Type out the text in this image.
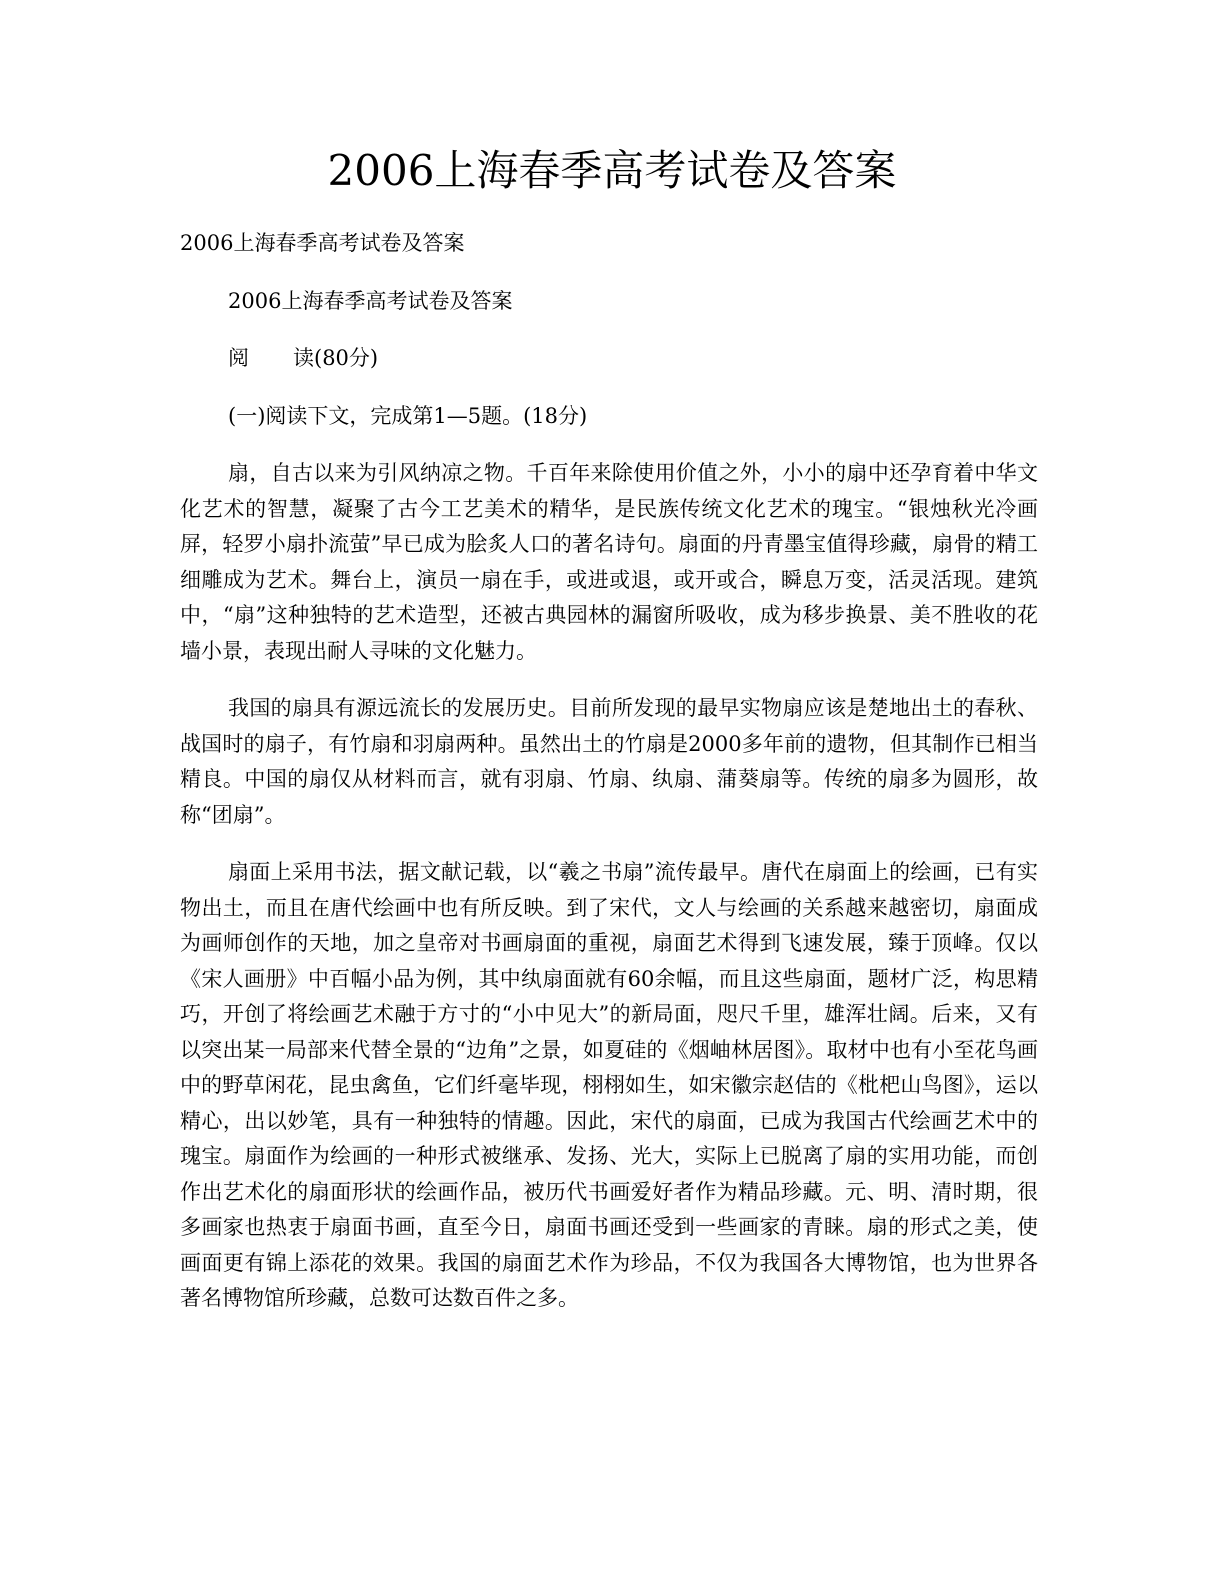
2006上海春季高考试卷及答案

2006上海春季高考试卷及答案

2006上海春季高考试卷及答案

阅 读(80分)

(一)阅读下文，完成第1—5题。(18分)

扇，自古以来为引风纳凉之物。千百年来除使用价值之外，小小的扇中还孕育着中华文化艺术的智慧，凝聚了古今工艺美术的精华，是民族传统文化艺术的瑰宝。“银烛秋光冷画屏，轻罗小扇扑流萤”早已成为脍炙人口的著名诗句。扇面的丹青墨宝值得珍藏，扇骨的精工细雕成为艺术。舞台上，演员一扇在手，或进或退，或开或合，瞬息万变，活灵活现。建筑中，“扇”这种独特的艺术造型，还被古典园林的漏窗所吸收，成为移步换景、美不胜收的花墙小景，表现出耐人寻味的文化魅力。

我国的扇具有源远流长的发展历史。目前所发现的最早实物扇应该是楚地出土的春秋、战国时的扇子，有竹扇和羽扇两种。虽然出土的竹扇是2000多年前的遗物，但其制作已相当精良。中国的扇仅从材料而言，就有羽扇、竹扇、纨扇、蒲葵扇等。传统的扇多为圆形，故称“团扇”。

扇面上采用书法，据文献记载，以“羲之书扇”流传最早。唐代在扇面上的绘画，已有实物出土，而且在唐代绘画中也有所反映。到了宋代，文人与绘画的关系越来越密切，扇面成为画师创作的天地，加之皇帝对书画扇面的重视，扇面艺术得到飞速发展，臻于顶峰。仅以《宋人画册》中百幅小品为例，其中纨扇面就有60余幅，而且这些扇面，题材广泛，构思精巧，开创了将绘画艺术融于方寸的“小中见大”的新局面，咫尺千里，雄浑壮阔。后来，又有以突出某一局部来代替全景的“边角”之景，如夏硅的《烟岫林居图》。取材中也有小至花鸟画中的野草闲花，昆虫禽鱼，它们纤毫毕现，栩栩如生，如宋徽宗赵佶的《枇杷山鸟图》，运以精心，出以妙笔，具有一种独特的情趣。因此，宋代的扇面，已成为我国古代绘画艺术中的瑰宝。扇面作为绘画的一种形式被继承、发扬、光大，实际上已脱离了扇的实用功能，而创作出艺术化的扇面形状的绘画作品，被历代书画爱好者作为精品珍藏。元、明、清时期，很多画家也热衷于扇面书画，直至今日，扇面书画还受到一些画家的青睐。扇的形式之美，使画面更有锦上添花的效果。我国的扇面艺术作为珍品，不仅为我国各大博物馆，也为世界各著名博物馆所珍藏，总数可达数百件之多。
